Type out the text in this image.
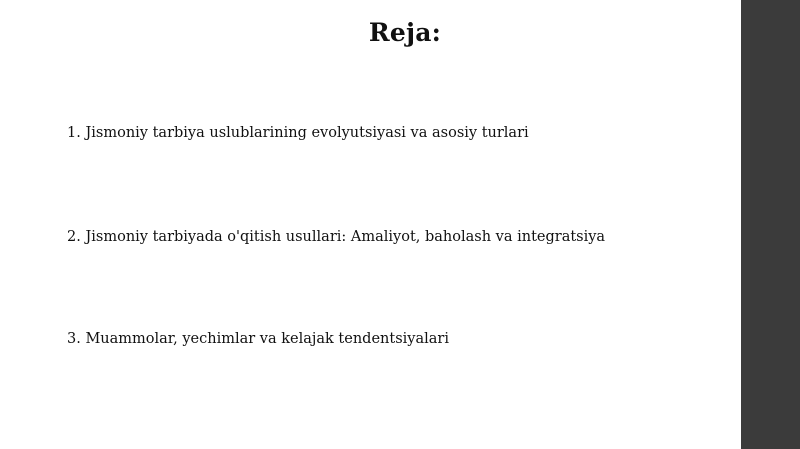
Reja:
1. Jismoniy tarbiya uslublarining evolyutsiyasi va asosiy turlari
2. Jismoniy tarbiyada o'qitish usullari: Amaliyot, baholash va integratsiya
3. Muammolar, yechimlar va kelajak tendentsiyalari
